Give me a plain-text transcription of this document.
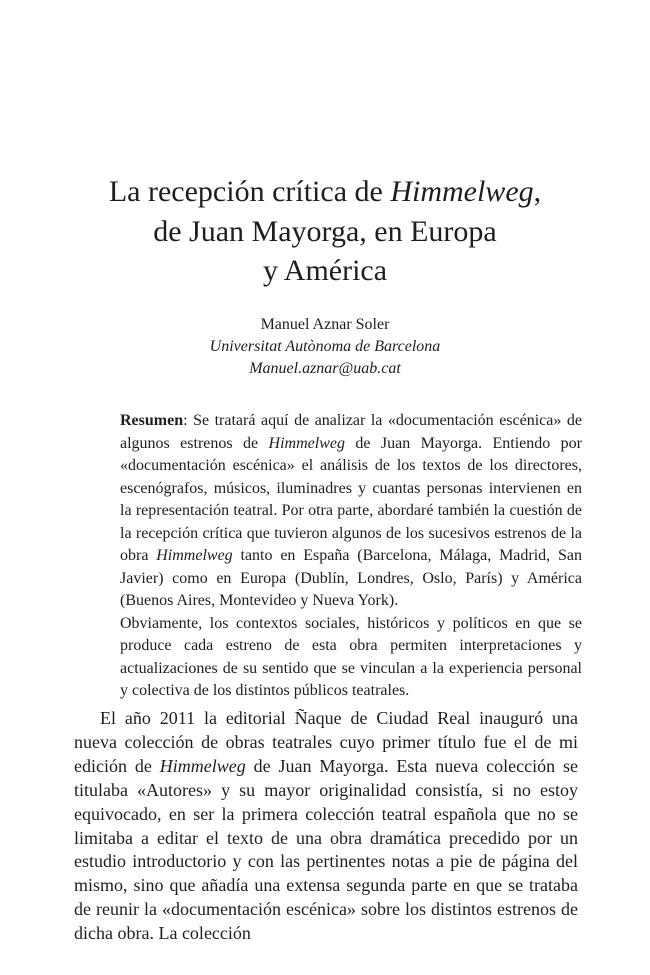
La recepción crítica de Himmelweg,
de Juan Mayorga, en Europa
y América
Manuel Aznar Soler
Universitat Autònoma de Barcelona
Manuel.aznar@uab.cat

Resumen: Se tratará aquí de analizar la «documentación escénica» de algunos estrenos de Himmelweg de Juan Mayorga. Entiendo por «documentación escénica» el análisis de los textos de los directores, escenógrafos, músicos, iluminadres y cuantas personas intervienen en la representación teatral. Por otra parte, abordaré también la cuestión de la recepción crítica que tuvieron algunos de los sucesivos estrenos de la obra Himmelweg tanto en España (Barcelona, Málaga, Madrid, San Javier) como en Europa (Dublín, Londres, Oslo, París) y América (Buenos Aires, Montevideo y Nueva York).

Obviamente, los contextos sociales, históricos y políticos en que se produce cada estreno de esta obra permiten interpretaciones y actualizaciones de su sentido que se vinculan a la experiencia personal y colectiva de los distintos públicos teatrales.

El año 2011 la editorial Ñaque de Ciudad Real inauguró una nueva colección de obras teatrales cuyo primer título fue el de mi edición de Himmelweg de Juan Mayorga. Esta nueva colección se titulaba «Autores» y su mayor originalidad consistía, si no estoy equivocado, en ser la primera colección teatral española que no se limitaba a editar el texto de una obra dramática precedido por un estudio introductorio y con las pertinentes notas a pie de página del mismo, sino que añadía una extensa segunda parte en que se trataba de reunir la «documentación escénica» sobre los distintos estrenos de dicha obra. La colección
